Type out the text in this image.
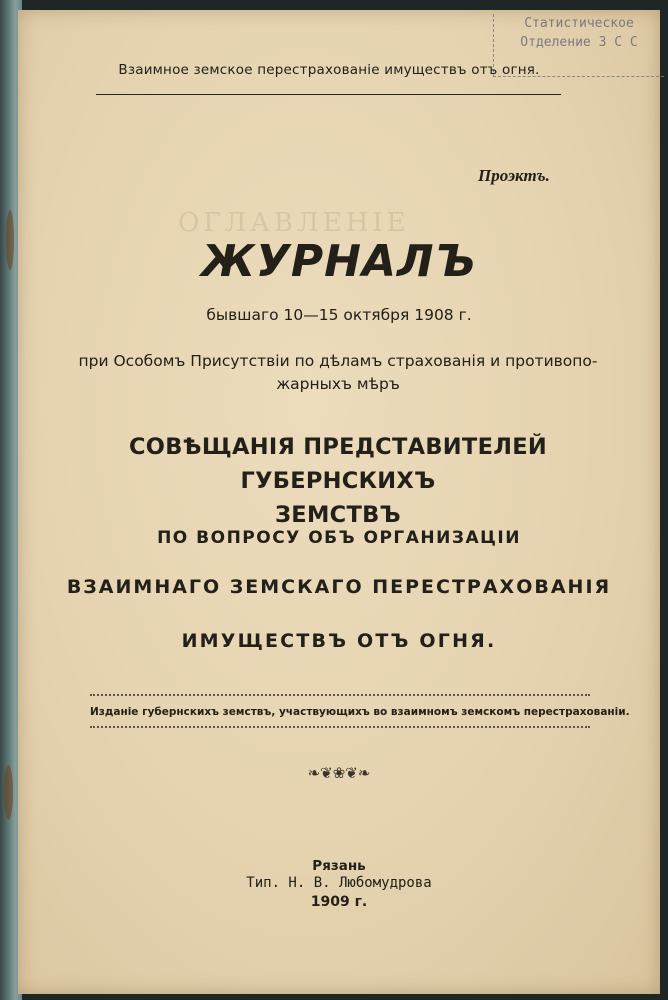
Статистическое
Отделение З С С
Взаимное земское перестрахованіе имуществъ отъ огня.
Проэктъ.
ОГЛАВЛЕНІЕ
ЖУРНАЛЪ
бывшаго 10—15 октября 1908 г.
при Особомъ Присутствіи по дѣламъ страхованія и противопо-
жарныхъ мѣръ
СОВѢЩАНІЯ ПРЕДСТАВИТЕЛЕЙ ГУБЕРНСКИХЪ
ЗЕМСТВЪ
ПО ВОПРОСУ ОБЪ ОРГАНИЗАЦІИ
ВЗАИМНАГО ЗЕМСКАГО ПЕРЕСТРАХОВАНІЯ
ИМУЩЕСТВЪ ОТЪ ОГНЯ.
Изданіе губернскихъ земствъ, участвующихъ во взаимномъ земскомъ перестрахованіи.
❧❦❀❦❧
Рязань
Тип. Н. В. Любомудрова
1909 г.
